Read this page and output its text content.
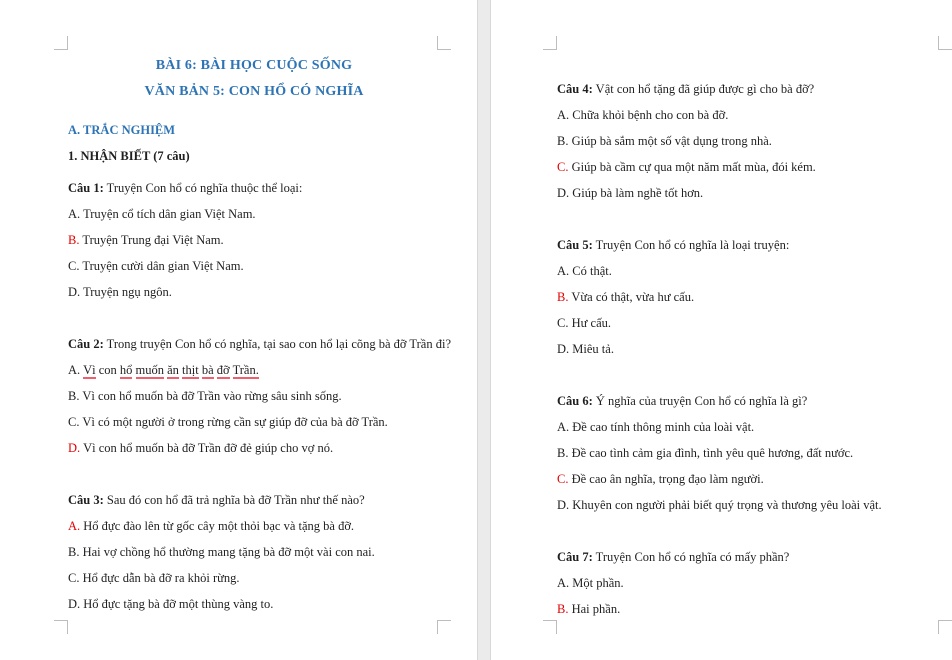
BÀI 6: BÀI HỌC CUỘC SỐNG
VĂN BẢN 5: CON HỔ CÓ NGHĨA
A. TRẮC NGHIỆM
1. NHẬN BIẾT (7 câu)
Câu 1: Truyện Con hổ có nghĩa thuộc thể loại:
A. Truyện cổ tích dân gian Việt Nam.
B. Truyện Trung đại Việt Nam.
C. Truyện cười dân gian Việt Nam.
D. Truyện ngụ ngôn.
Câu 2: Trong truyện Con hổ có nghĩa, tại sao con hổ lại cõng bà đỡ Trần đi?
A. Vì con hổ muốn ăn thịt bà đỡ Trần.
B. Vì con hổ muốn bà đỡ Trần vào rừng sâu sinh sống.
C. Vì có một người ở trong rừng cần sự giúp đỡ của bà đỡ Trần.
D. Vì con hổ muốn bà đỡ Trần đỡ đẻ giúp cho vợ nó.
Câu 3: Sau đó con hổ đã trả nghĩa bà đỡ Trần như thế nào?
A. Hổ đực đào lên từ gốc cây một thỏi bạc và tặng bà đỡ.
B. Hai vợ chồng hổ thường mang tặng bà đỡ một vài con nai.
C. Hổ đực dẫn bà đỡ ra khỏi rừng.
D. Hổ đực tặng bà đỡ một thùng vàng to.
Câu 4: Vật con hổ tặng đã giúp được gì cho bà đỡ?
A. Chữa khỏi bệnh cho con bà đỡ.
B. Giúp bà sắm một số vật dụng trong nhà.
C. Giúp bà cầm cự qua một năm mất mùa, đói kém.
D. Giúp bà làm nghề tốt hơn.
Câu 5: Truyện Con hổ có nghĩa là loại truyện:
A. Có thật.
B. Vừa có thật, vừa hư cấu.
C. Hư cấu.
D. Miêu tả.
Câu 6: Ý nghĩa của truyện Con hổ có nghĩa là gì?
A. Đề cao tính thông minh của loài vật.
B. Đề cao tình cảm gia đình, tình yêu quê hương, đất nước.
C. Đề cao ân nghĩa, trọng đạo làm người.
D. Khuyên con người phải biết quý trọng và thương yêu loài vật.
Câu 7: Truyện Con hổ có nghĩa có mấy phần?
A. Một phần.
B. Hai phần.
